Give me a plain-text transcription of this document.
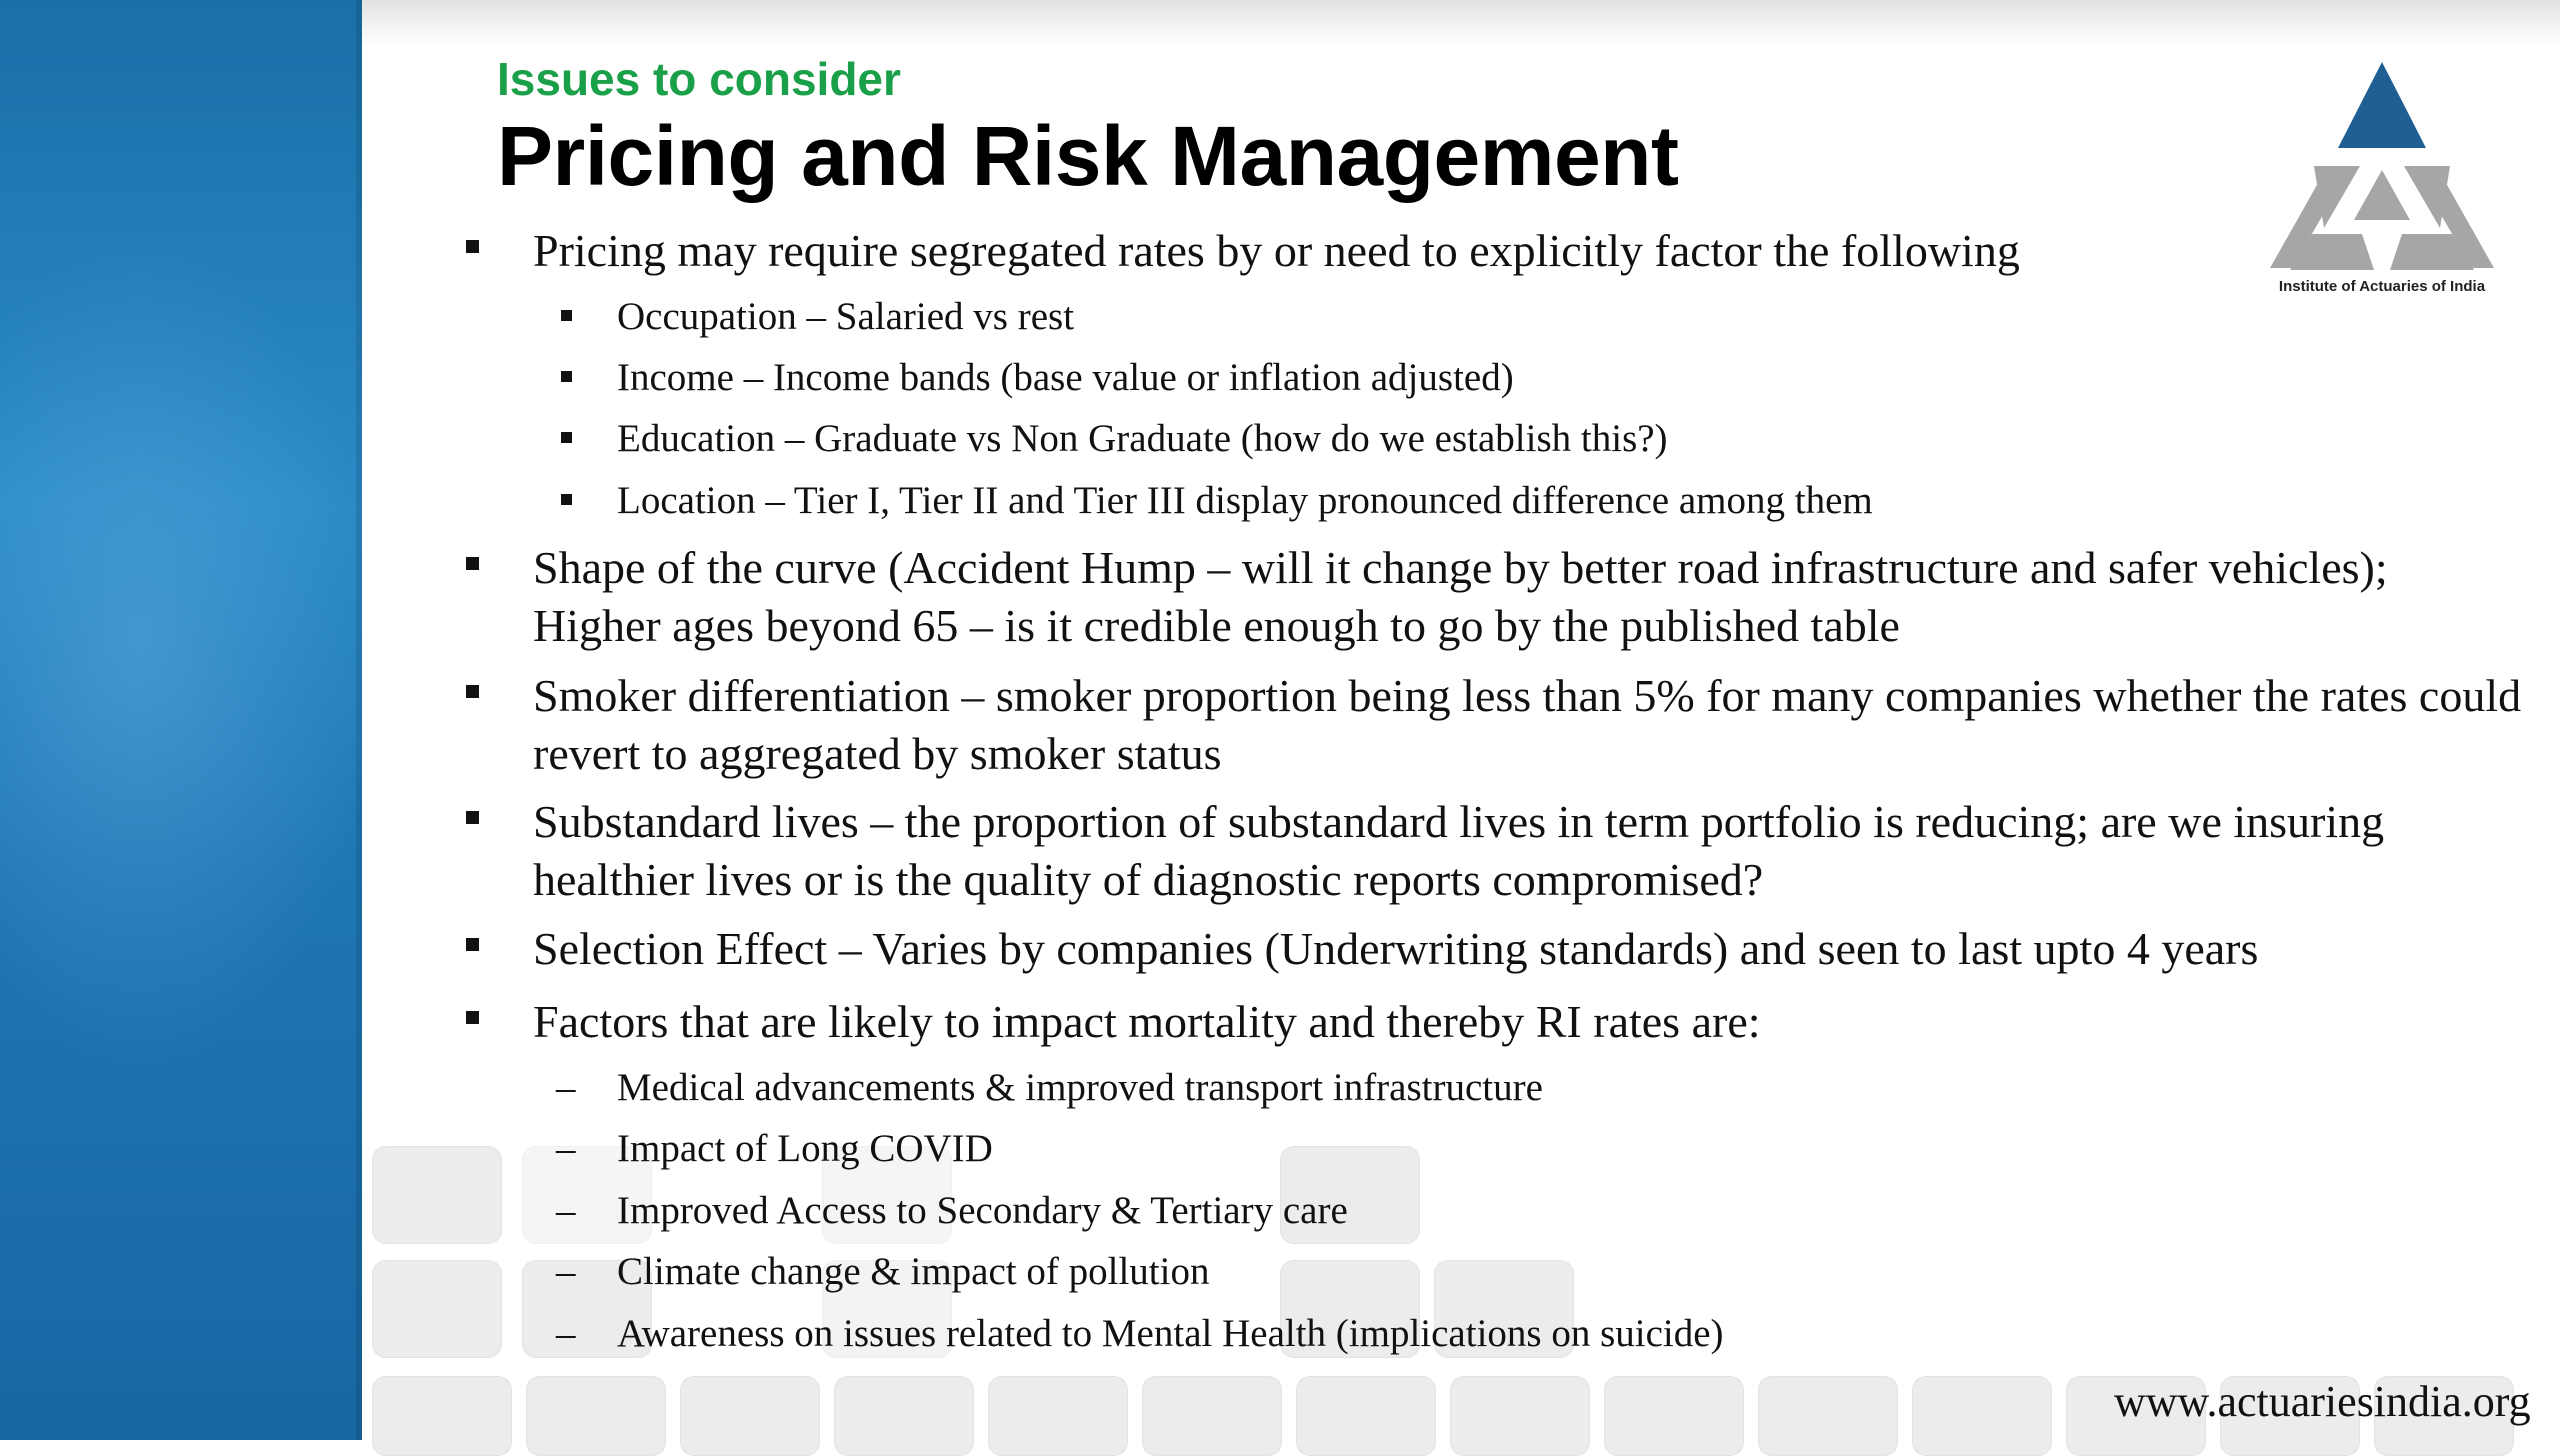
Issues to consider
Pricing and Risk Management
Pricing may require segregated rates by or need to explicitly factor the following
Occupation – Salaried vs rest
Income – Income bands (base value or inflation adjusted)
Education – Graduate vs Non Graduate (how do we establish this?)
Location – Tier I, Tier II and Tier III display pronounced difference among them
Shape of the curve (Accident Hump – will it change by better road infrastructure and safer vehicles); Higher ages beyond 65 – is it credible enough to go by the published table
Smoker differentiation – smoker proportion being less than 5% for many companies whether the rates could revert to aggregated by smoker status
Substandard lives – the proportion of substandard lives in term portfolio is reducing; are we insuring healthier lives or is the quality of diagnostic reports compromised?
Selection Effect – Varies by companies (Underwriting standards) and seen to last upto 4 years
Factors that are likely to impact mortality and thereby RI rates are:
– Medical advancements & improved transport infrastructure
– Impact of Long COVID
– Improved Access to Secondary & Tertiary care
– Climate change & impact of pollution
– Awareness on issues related to Mental Health (implications on suicide)
www.actuariesindia.org
Institute of Actuaries of India
